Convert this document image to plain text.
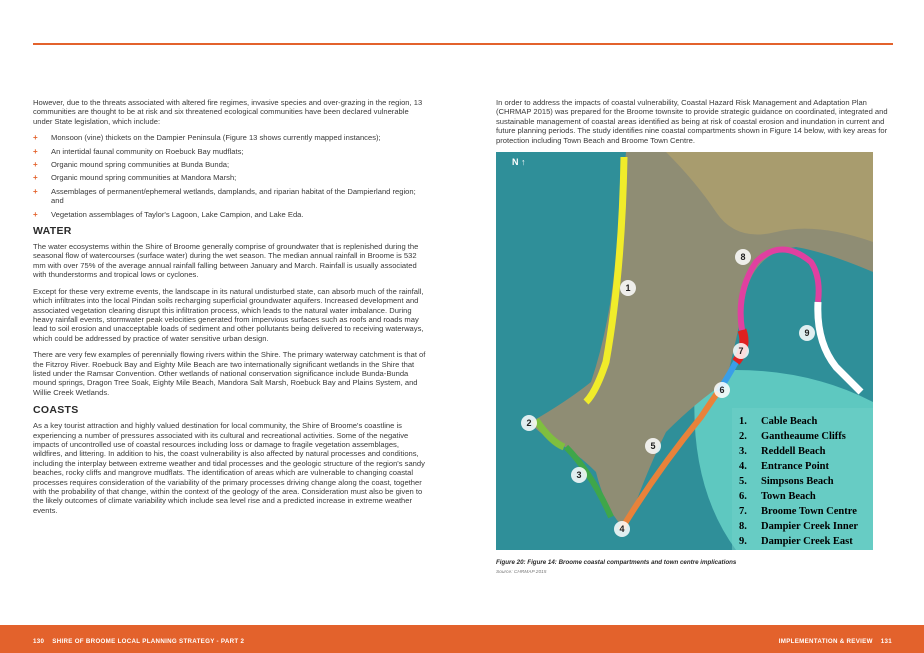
However, due to the threats associated with altered fire regimes, invasive species and over-grazing in the region, 13 communities are thought to be at risk and six threatened ecological communities have been declared vulnerable under State legislation, which include:

+ Monsoon (vine) thickets on the Dampier Peninsula (Figure 13 shows currently mapped instances);
+ An intertidal faunal community on Roebuck Bay mudflats;
+ Organic mound spring communities at Bunda Bunda;
+ Organic mound spring communities at Mandora Marsh;
+ Assemblages of permanent/ephemeral wetlands, damplands, and riparian habitat of the Dampierland region; and
+ Vegetation assemblages of Taylor's Lagoon, Lake Campion, and Lake Eda.
WATER

The water ecosystems within the Shire of Broome generally comprise of groundwater that is replenished during the seasonal flow of watercourses (surface water) during the wet season. The median annual rainfall in Broome is 532 mm with over 75% of the average annual rainfall falling between January and March. Rainfall is usually associated with thunderstorms and tropical lows or cyclones.

Except for these very extreme events, the landscape in its natural undisturbed state, can absorb much of the rainfall, which infiltrates into the local Pindan soils recharging superficial groundwater aquifers. Increased development and associated vegetation clearing disrupt this infiltration process, which leads to the natural water imbalance. During heavy rainfall events, stormwater peak velocities generated from impervious surfaces such as roofs and roads may lead to soil erosion and unacceptable loads of sediment and other pollutants being delivered to receiving waterways, which could be addressed by practice of water sensitive urban design.

There are very few examples of perennially flowing rivers within the Shire. The primary waterway catchment is that of the Fitzroy River. Roebuck Bay and Eighty Mile Beach are two internationally significant wetlands in the Shire that listed under the Ramsar Convention. Other wetlands of national conservation significance include Bunda-Bunda mound springs, Dragon Tree Soak, Eighty Mile Beach, Mandora Salt Marsh, Roebuck Bay and Plains System, and Willie Creek Wetlands.

COASTS

As a key tourist attraction and highly valued destination for local community, the Shire of Broome's coastline is experiencing a number of pressures associated with its cultural and recreational activities. Some of the negative impacts of uncontrolled use of coastal resources including loss or damage to fragile vegetation assemblages, wildfires, and littering. In addition to his, the coast vulnerability is also affected by natural processes and conditions, including the interplay between extreme weather and tidal processes and the geologic structure of the region's sandy beaches, rocky cliffs and mangrove mudflats. The identification of areas which are vulnerable to changing coastal processes requires consideration of the variability of the primary processes driving change along the coast, together with the probability of that change, within the context of the geology of the area. Consideration must also be given to the likely outcomes of climate variability which include sea level rise and a predicted increase in extreme weather events.

In order to address the impacts of coastal vulnerability, Coastal Hazard Risk Management and Adaptation Plan (CHRMAP 2015) was prepared for the Broome townsite to provide strategic guidance on coordinated, integrated and sustainable management of coastal areas identified as being at risk of coastal erosion and inundation in current and future planning periods. The study identifies nine coastal compartments shown in Figure 14 below, with key areas for protection including Town Beach and Broome Town Centre.

N ↑
1
2
3
4
5
6
7
8
9
1.	Cable Beach
2.	Gantheaume Cliffs
3.	Reddell Beach
4.	Entrance Point
5.	Simpsons Beach
6.	Town Beach
7.	Broome Town Centre
8.	Dampier Creek Inner
9.	Dampier Creek East
Figure 20: Figure 14: Broome coastal compartments and town centre implications
Source: CHRMAP 2015
130 SHIRE OF BROOME LOCAL PLANNING STRATEGY - PART 2	IMPLEMENTATION & REVIEW 131
